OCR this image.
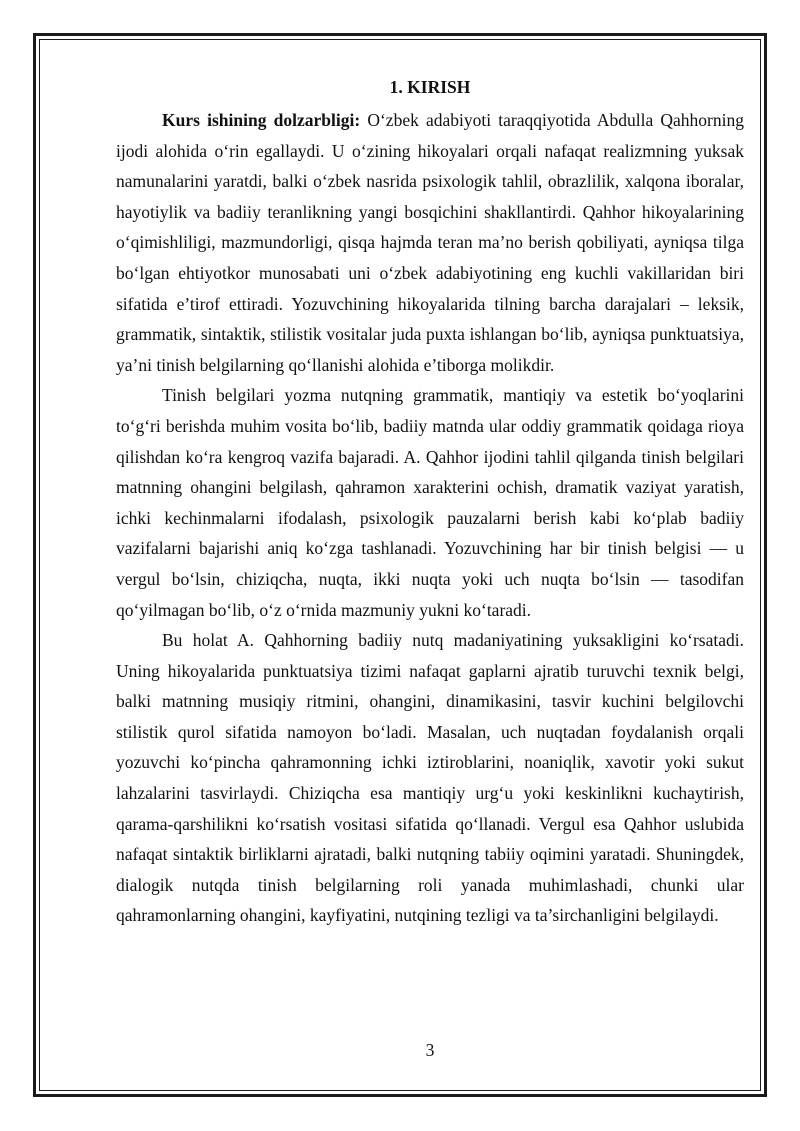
1. KIRISH

Kurs ishining dolzarbligi: O‘zbek adabiyoti taraqqiyotida Abdulla Qahhorning ijodi alohida o‘rin egallaydi. U o‘zining hikoyalari orqali nafaqat realizmning yuksak namunalarini yaratdi, balki o‘zbek nasrida psixologik tahlil, obrazlilik, xalqona iboralar, hayotiylik va badiiy teranlikning yangi bosqichini shakllantirdi. Qahhor hikoyalarining o‘qimishliligi, mazmundorligi, qisqa hajmda teran ma’no berish qobiliyati, ayniqsa tilga bo‘lgan ehtiyotkor munosabati uni o‘zbek adabiyotining eng kuchli vakillaridan biri sifatida e’tirof ettiradi. Yozuvchining hikoyalarida tilning barcha darajalari – leksik, grammatik, sintaktik, stilistik vositalar juda puxta ishlangan bo‘lib, ayniqsa punktuatsiya, ya’ni tinish belgilarning qo‘llanishi alohida e’tiborga molikdir.

Tinish belgilari yozma nutqning grammatik, mantiqiy va estetik bo‘yoqlarini to‘g‘ri berishda muhim vosita bo‘lib, badiiy matnda ular oddiy grammatik qoidaga rioya qilishdan ko‘ra kengroq vazifa bajaradi. A. Qahhor ijodini tahlil qilganda tinish belgilari matnning ohangini belgilash, qahramon xarakterini ochish, dramatik vaziyat yaratish, ichki kechinmalarni ifodalash, psixologik pauzalarni berish kabi ko‘plab badiiy vazifalarni bajarishi aniq ko‘zga tashlanadi. Yozuvchining har bir tinish belgisi — u vergul bo‘lsin, chiziqcha, nuqta, ikki nuqta yoki uch nuqta bo‘lsin — tasodifan qo‘yilmagan bo‘lib, o‘z o‘rnida mazmuniy yukni ko‘taradi.

Bu holat A. Qahhorning badiiy nutq madaniyatining yuksakligini ko‘rsatadi. Uning hikoyalarida punktuatsiya tizimi nafaqat gaplarni ajratib turuvchi texnik belgi, balki matnning musiqiy ritmini, ohangini, dinamikasini, tasvir kuchini belgilovchi stilistik qurol sifatida namoyon bo‘ladi. Masalan, uch nuqtadan foydalanish orqali yozuvchi ko‘pincha qahramonning ichki iztiroblarini, noaniqlik, xavotir yoki sukut lahzalarini tasvirlaydi. Chiziqcha esa mantiqiy urg‘u yoki keskinlikni kuchaytirish, qarama-qarshilikni ko‘rsatish vositasi sifatida qo‘llanadi. Vergul esa Qahhor uslubida nafaqat sintaktik birliklarni ajratadi, balki nutqning tabiiy oqimini yaratadi. Shuningdek, dialogik nutqda tinish belgilarning roli yanada muhimlashadi, chunki ular qahramonlarning ohangini, kayfiyatini, nutqining tezligi va ta’sirchanligini belgilaydi.

3
